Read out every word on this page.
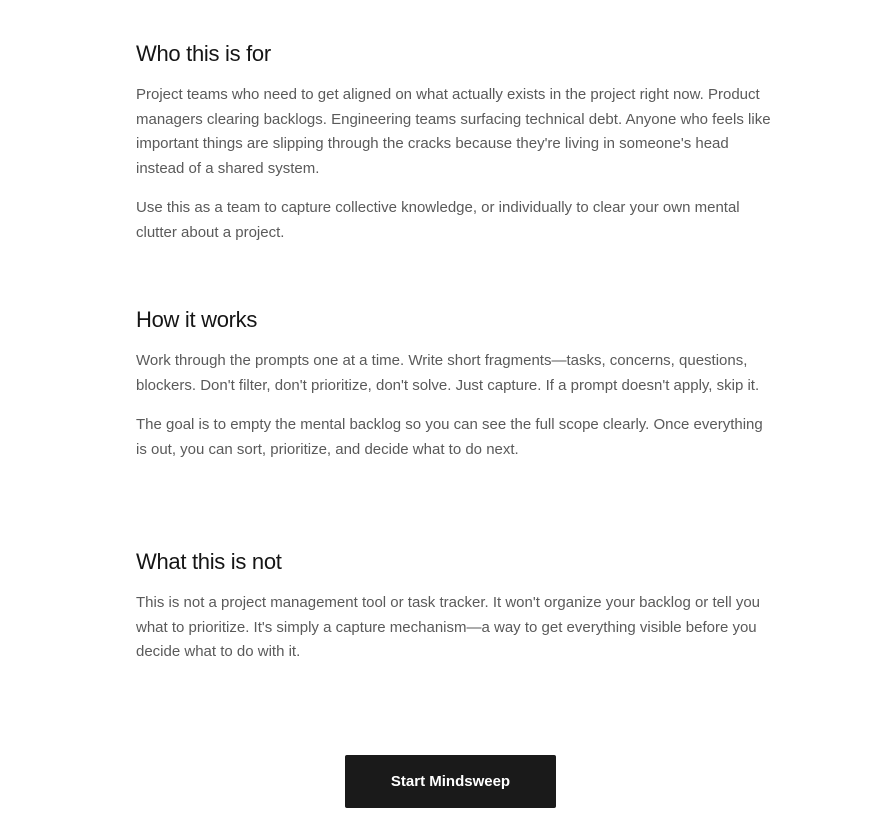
Who this is for

Project teams who need to get aligned on what actually exists in the project right now. Product managers clearing backlogs. Engineering teams surfacing technical debt. Anyone who feels like important things are slipping through the cracks because they're living in someone's head instead of a shared system.

Use this as a team to capture collective knowledge, or individually to clear your own mental clutter about a project.

How it works

Work through the prompts one at a time. Write short fragments—tasks, concerns, questions, blockers. Don't filter, don't prioritize, don't solve. Just capture. If a prompt doesn't apply, skip it.

The goal is to empty the mental backlog so you can see the full scope clearly. Once everything is out, you can sort, prioritize, and decide what to do next.

What this is not

This is not a project management tool or task tracker. It won't organize your backlog or tell you what to prioritize. It's simply a capture mechanism—a way to get everything visible before you decide what to do with it.

Start Mindsweep
